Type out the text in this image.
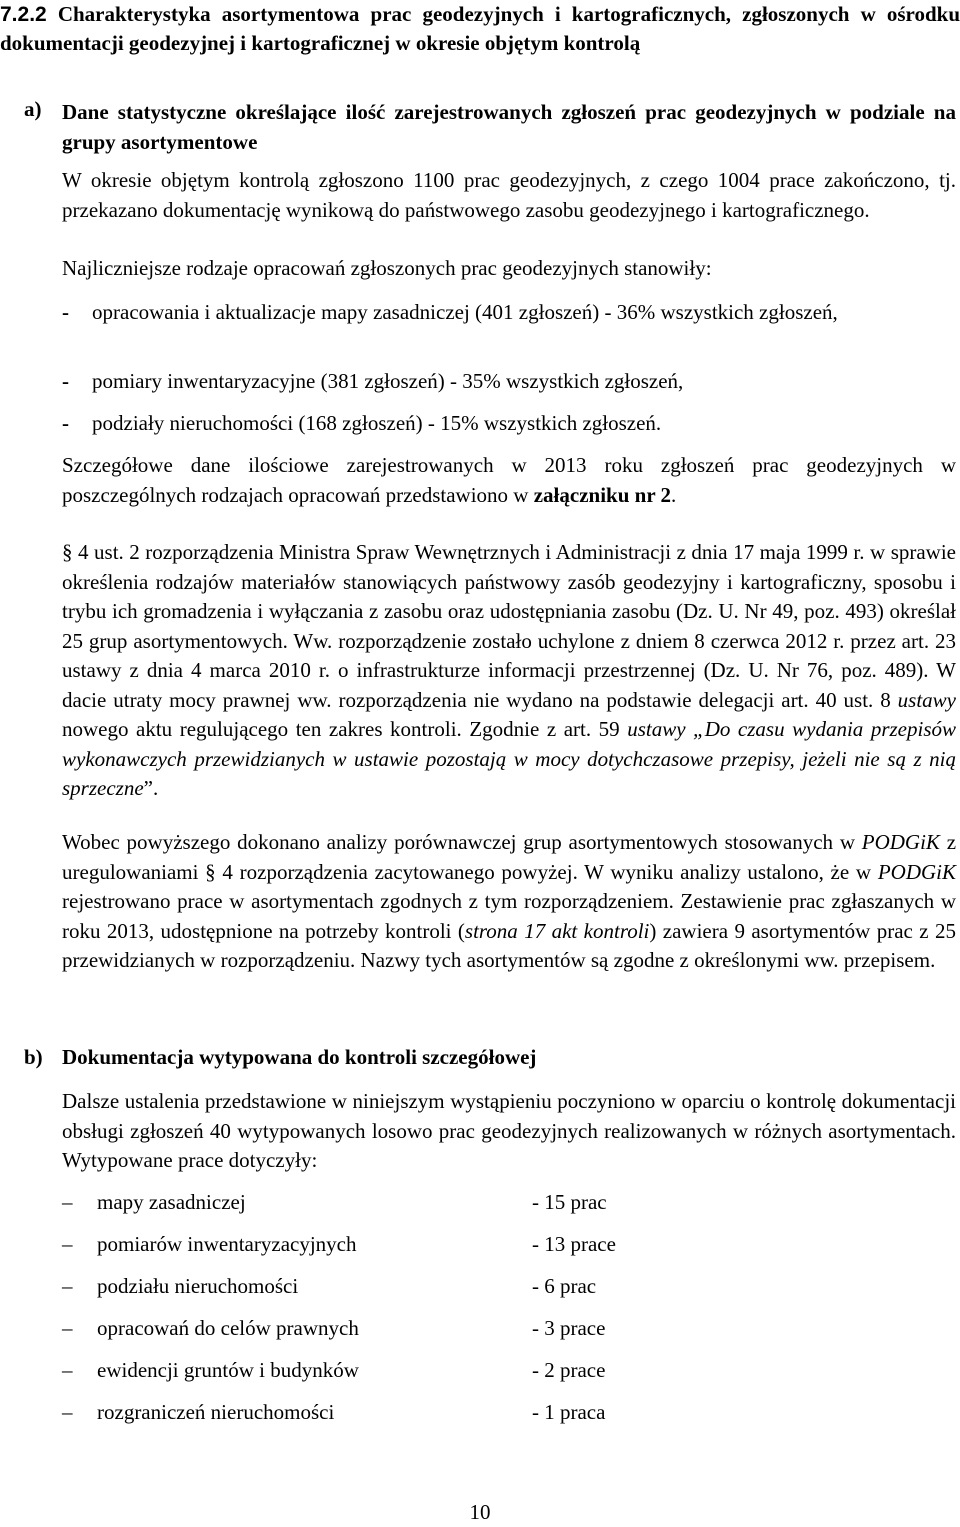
7.2.2 Charakterystyka asortymentowa prac geodezyjnych i kartograficznych, zgłoszonych w ośrodku dokumentacji geodezyjnej i kartograficznej w okresie objętym kontrolą
a) Dane statystyczne określające ilość zarejestrowanych zgłoszeń prac geodezyjnych w podziale na grupy asortymentowe
W okresie objętym kontrolą zgłoszono 1100 prac geodezyjnych, z czego 1004 prace zakończono, tj. przekazano dokumentację wynikową do państwowego zasobu geodezyjnego i kartograficznego.
Najliczniejsze rodzaje opracowań zgłoszonych prac geodezyjnych stanowiły:
-	opracowania i aktualizacje mapy zasadniczej (401 zgłoszeń) - 36% wszystkich zgłoszeń,
-	pomiary inwentaryzacyjne (381 zgłoszeń) - 35% wszystkich zgłoszeń,
-	podziały nieruchomości (168 zgłoszeń) - 15% wszystkich zgłoszeń.
Szczegółowe dane ilościowe zarejestrowanych w 2013 roku zgłoszeń prac geodezyjnych w poszczególnych rodzajach opracowań przedstawiono w załączniku nr 2.
§ 4 ust. 2 rozporządzenia Ministra Spraw Wewnętrznych i Administracji z dnia 17 maja 1999 r. w sprawie określenia rodzajów materiałów stanowiących państwowy zasób geodezyjny i kartograficzny, sposobu i trybu ich gromadzenia i wyłączania z zasobu oraz udostępniania zasobu (Dz. U. Nr 49, poz. 493) określał 25 grup asortymentowych. Ww. rozporządzenie zostało uchylone z dniem 8 czerwca 2012 r. przez art. 23 ustawy z dnia 4 marca 2010 r. o infrastrukturze informacji przestrzennej (Dz. U. Nr 76, poz. 489). W dacie utraty mocy prawnej ww. rozporządzenia nie wydano na podstawie delegacji art. 40 ust. 8 ustawy nowego aktu regulującego ten zakres kontroli. Zgodnie z art. 59 ustawy „Do czasu wydania przepisów wykonawczych przewidzianych w ustawie pozostają w mocy dotychczasowe przepisy, jeżeli nie są z nią sprzeczne”.
Wobec powyższego dokonano analizy porównawczej grup asortymentowych stosowanych w PODGiK z uregulowaniami § 4 rozporządzenia zacytowanego powyżej. W wyniku analizy ustalono, że w PODGiK rejestrowano prace w asortymentach zgodnych z tym rozporządzeniem. Zestawienie prac zgłaszanych w roku 2013, udostępnione na potrzeby kontroli (strona 17 akt kontroli) zawiera 9 asortymentów prac z 25 przewidzianych w rozporządzeniu. Nazwy tych asortymentów są zgodne z określonymi ww. przepisem.
b) Dokumentacja wytypowana do kontroli szczegółowej
Dalsze ustalenia przedstawione w niniejszym wystąpieniu poczyniono w oparciu o kontrolę dokumentacji obsługi zgłoszeń 40 wytypowanych losowo prac geodezyjnych realizowanych w różnych asortymentach. Wytypowane prace dotyczyły:
– mapy zasadniczej	- 15 prac
– pomiarów inwentaryzacyjnych	- 13 prace
– podziału nieruchomości	- 6 prac
– opracowań do celów prawnych	- 3 prace
– ewidencji gruntów i budynków	- 2 prace
– rozgraniczeń nieruchomości	- 1 praca
10
